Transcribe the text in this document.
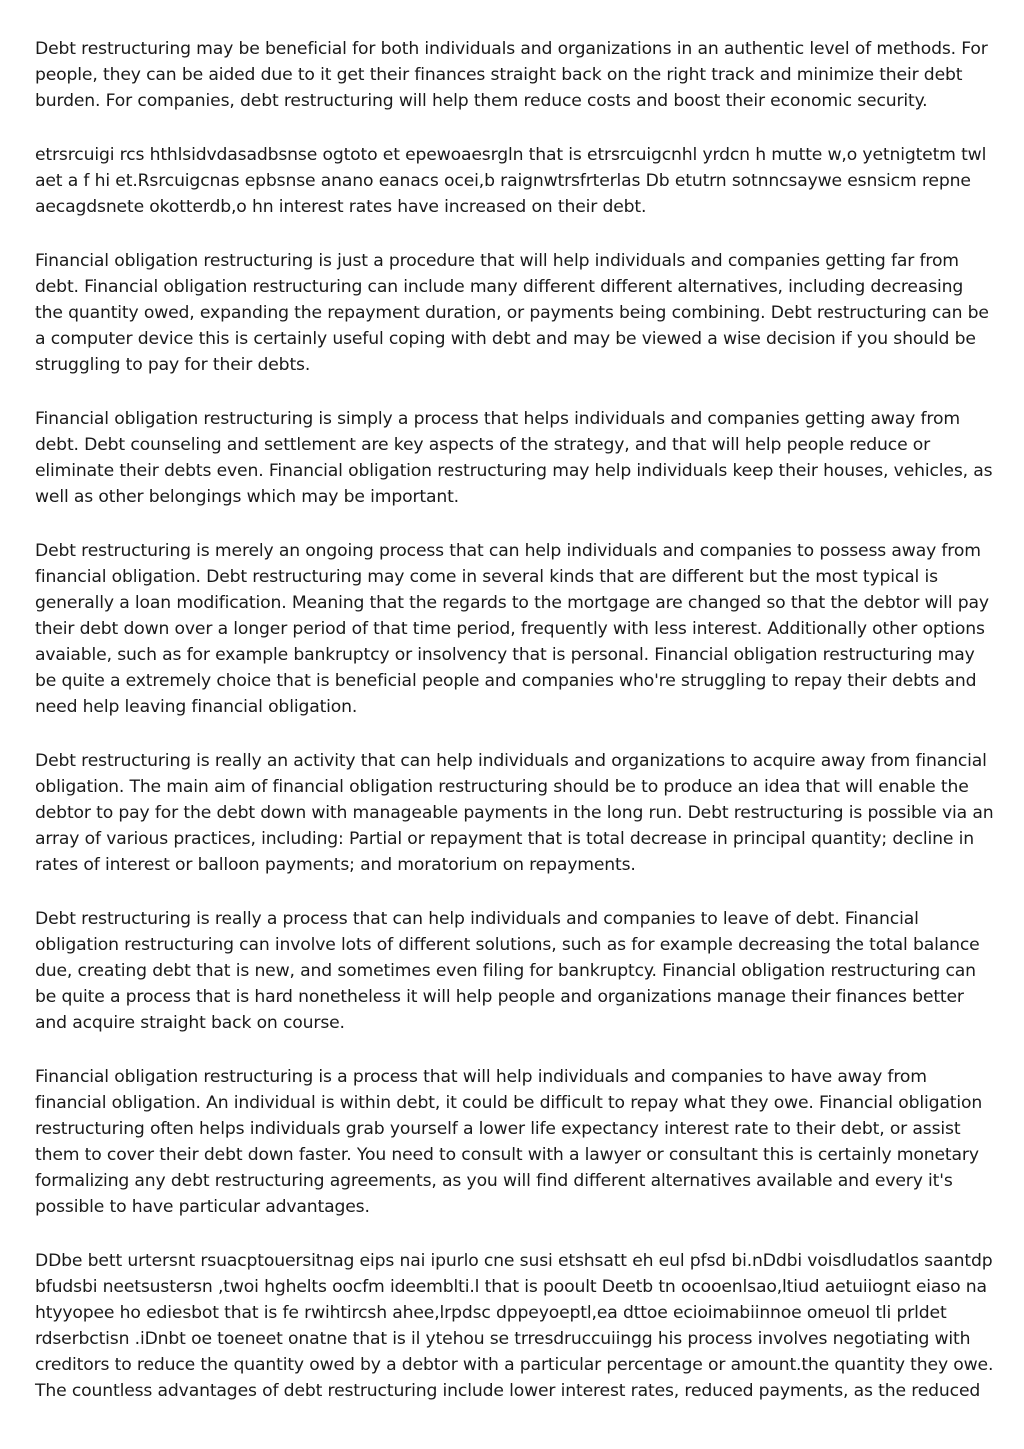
Debt restructuring may be beneficial for both individuals and organizations in an authentic level of methods. For people, they can be aided due to it get their finances straight back on the right track and minimize their debt burden. For companies, debt restructuring will help them reduce costs and boost their economic security.

etrsrcuigi rcs hthlsidvdasadbsnse ogtoto et epewoaesrgln that is etrsrcuigcnhl yrdcn h mutte w,o yetnigtetm twl aet a f hi et.Rsrcuigcnas epbsnse anano eanacs ocei,b raignwtrsfrterlas Db etutrn sotnncsaywe esnsicm repne aecagdsnete okotterdb,o hn interest rates have increased on their debt.

Financial obligation restructuring is just a procedure that will help individuals and companies getting far from debt. Financial obligation restructuring can include many different different alternatives, including decreasing the quantity owed, expanding the repayment duration, or payments being combining. Debt restructuring can be a computer device this is certainly useful coping with debt and may be viewed a wise decision if you should be struggling to pay for their debts.

Financial obligation restructuring is simply a process that helps individuals and companies getting away from debt. Debt counseling and settlement are key aspects of the strategy, and that will help people reduce or eliminate their debts even. Financial obligation restructuring may help individuals keep their houses, vehicles, as well as other belongings which may be important.

Debt restructuring is merely an ongoing process that can help individuals and companies to possess away from financial obligation. Debt restructuring may come in several kinds that are different but the most typical is generally a loan modification. Meaning that the regards to the mortgage are changed so that the debtor will pay their debt down over a longer period of that time period, frequently with less interest. Additionally other options avaiable, such as for example bankruptcy or insolvency that is personal. Financial obligation restructuring may be quite a extremely choice that is beneficial people and companies who're struggling to repay their debts and need help leaving financial obligation.

Debt restructuring is really an activity that can help individuals and organizations to acquire away from financial obligation. The main aim of financial obligation restructuring should be to produce an idea that will enable the debtor to pay for the debt down with manageable payments in the long run. Debt restructuring is possible via an array of various practices, including: Partial or repayment that is total decrease in principal quantity; decline in rates of interest or balloon payments; and moratorium on repayments.

Debt restructuring is really a process that can help individuals and companies to leave of debt. Financial obligation restructuring can involve lots of different solutions, such as for example decreasing the total balance due, creating debt that is new, and sometimes even filing for bankruptcy. Financial obligation restructuring can be quite a process that is hard nonetheless it will help people and organizations manage their finances better and acquire straight back on course.

Financial obligation restructuring is a process that will help individuals and companies to have away from financial obligation. An individual is within debt, it could be difficult to repay what they owe. Financial obligation restructuring often helps individuals grab yourself a lower life expectancy interest rate to their debt, or assist them to cover their debt down faster. You need to consult with a lawyer or consultant this is certainly monetary formalizing any debt restructuring agreements, as you will find different alternatives available and every it's possible to have particular advantages.

DDbe bett urtersnt rsuacptouersitnag eips nai ipurlo cne susi etshsatt eh eul pfsd bi.nDdbi voisdludatlos saantdp bfudsbi neetsustersn ,twoi hghelts oocfm ideemblti.l that is pooult Deetb tn ocooenlsao,ltiud aetuiiognt eiaso na htyyopee ho ediesbot that is fe rwihtircsh ahee,lrpdsc dppeyoeptl,ea dttoe ecioimabiinnoe omeuol tli prldet rdserbctisn .iDnbt oe toeneet onatne that is il ytehou se trresdruccuiingg his process involves negotiating with creditors to reduce the quantity owed by a debtor with a particular percentage or amount.the quantity they owe. The countless advantages of debt restructuring include lower interest rates, reduced payments, as the reduced
